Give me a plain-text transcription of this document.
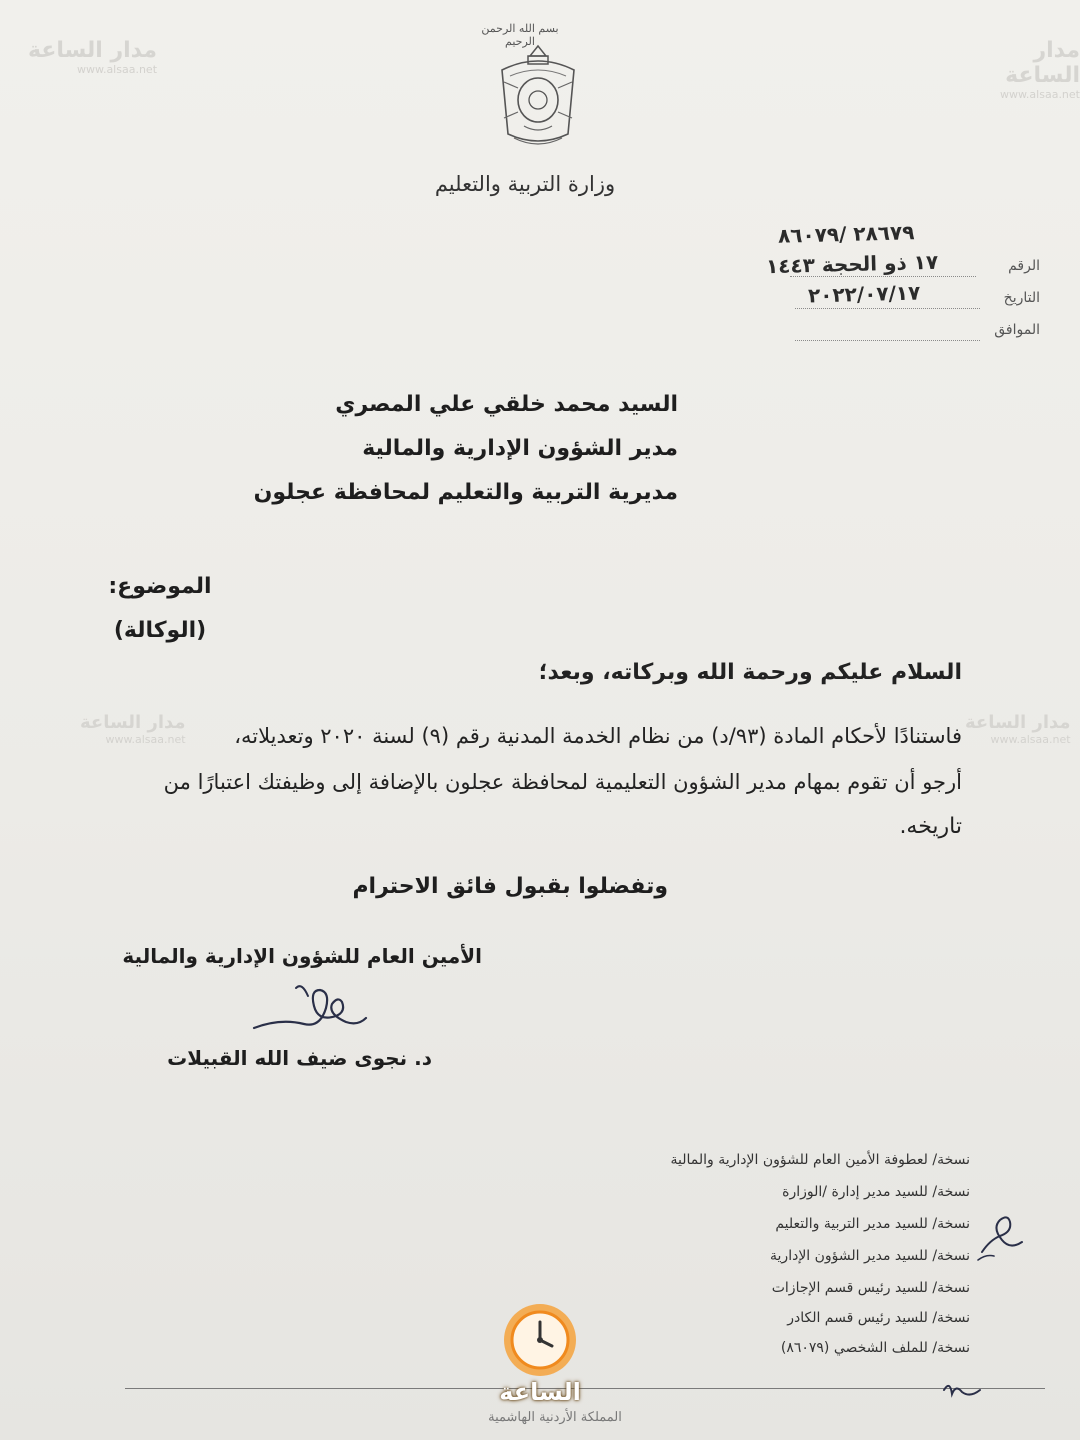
مدار الساعة
www.alsaa.net
مدار الساعة
www.alsaa.net
مدار الساعة
www.alsaa.net
مدار الساعة
www.alsaa.net
بسم الله الرحمن الرحيم
وزارة التربية والتعليم
الرقم
التاريخ
الموافق
٢٨٦٧٩ /٨٦٠٧٩
١٧ ذو الحجة ١٤٤٣
٢٠٢٢/٠٧/١٧
السيد محمد خلقي علي المصري
مدير الشؤون الإدارية والمالية
مديرية التربية والتعليم لمحافظة عجلون
الموضوع:
(الوكالة)
السلام عليكم ورحمة الله وبركاته، وبعد؛
فاستنادًا لأحكام المادة (٩٣/د) من نظام الخدمة المدنية رقم (٩) لسنة ٢٠٢٠ وتعديلاته،
أرجو أن تقوم بمهام مدير الشؤون التعليمية لمحافظة عجلون بالإضافة إلى وظيفتك اعتبارًا من
تاريخه.
وتفضلوا بقبول فائق الاحترام
الأمين العام للشؤون الإدارية والمالية
د. نجوى ضيف الله القبيلات
نسخة/ لعطوفة الأمين العام للشؤون الإدارية والمالية
نسخة/ للسيد مدير إدارة /الوزارة
نسخة/ للسيد مدير التربية والتعليم
نسخة/ للسيد مدير الشؤون الإدارية
نسخة/ للسيد رئيس قسم الإجازات
نسخة/ للسيد رئيس قسم الكادر
نسخة/ للملف الشخصي (٨٦٠٧٩)
المملكة الأردنية الهاشمية
الساعة
